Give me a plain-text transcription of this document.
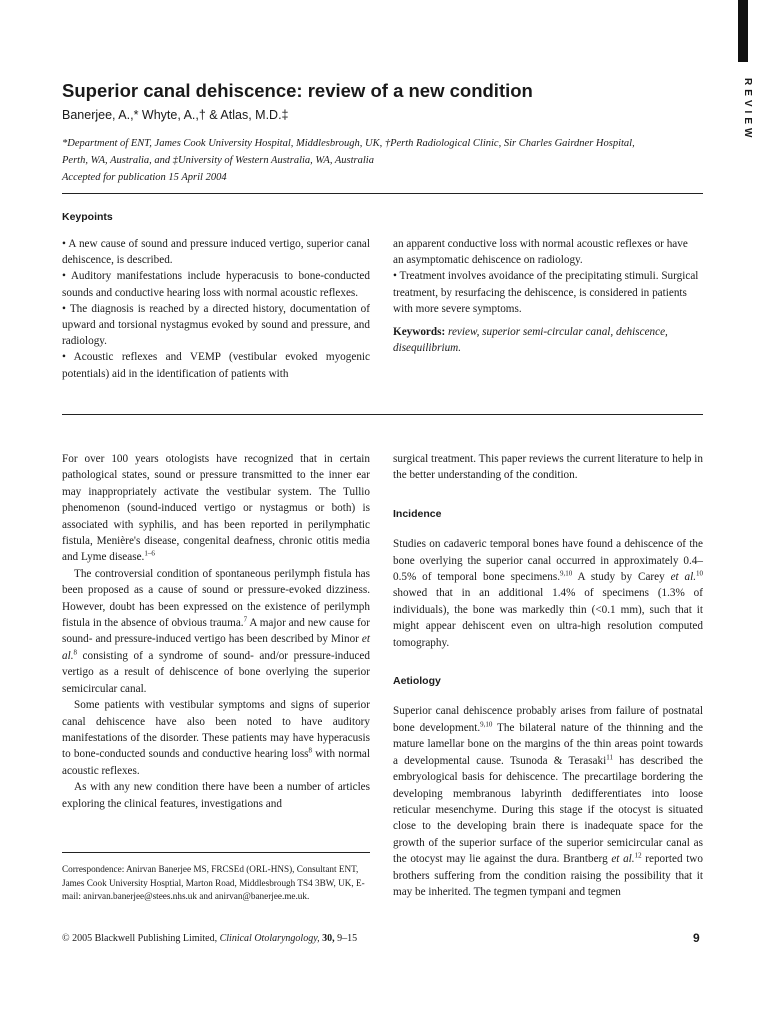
REVIEW
Superior canal dehiscence: review of a new condition
Banerjee, A.,* Whyte, A.,† & Atlas, M.D.‡
*Department of ENT, James Cook University Hospital, Middlesbrough, UK, †Perth Radiological Clinic, Sir Charles Gairdner Hospital, Perth, WA, Australia, and ‡University of Western Australia, WA, Australia
Accepted for publication 15 April 2004
Keypoints

• A new cause of sound and pressure induced vertigo, superior canal dehiscence, is described.

• Auditory manifestations include hyperacusis to bone-conducted sounds and conductive hearing loss with normal acoustic reflexes.

• The diagnosis is reached by a directed history, documentation of upward and torsional nystagmus evoked by sound and pressure, and radiology.

• Acoustic reflexes and VEMP (vestibular evoked myogenic potentials) aid in the identification of patients with

an apparent conductive loss with normal acoustic reflexes or have an asymptomatic dehiscence on radiology.

• Treatment involves avoidance of the precipitating stimuli. Surgical treatment, by resurfacing the dehiscence, is considered in patients with more severe symptoms.

Keywords: review, superior semi-circular canal, dehiscence, disequilibrium.

For over 100 years otologists have recognized that in certain pathological states, sound or pressure transmitted to the inner ear may inappropriately activate the vestibular system. The Tullio phenomenon (sound-induced vertigo or nystagmus or both) is associated with syphilis, and has been reported in perilymphatic fistula, Menière's disease, congenital deafness, chronic otitis media and Lyme disease.$^{1-6}$

The controversial condition of spontaneous perilymph fistula has been proposed as a cause of sound or pressure-evoked dizziness. However, doubt has been expressed on the existence of perilymph fistula in the absence of obvious trauma.$^7$ A major and new cause for sound- and pressure-induced vertigo has been described by Minor et al.$^8$ consisting of a syndrome of sound- and/or pressure-induced vertigo as a result of dehiscence of bone overlying the superior semicircular canal.

Some patients with vestibular symptoms and signs of superior canal dehiscence have also been noted to have auditory manifestations of the disorder. These patients may have hyperacusis to bone-conducted sounds and conductive hearing loss$^8$ with normal acoustic reflexes.

As with any new condition there have been a number of articles exploring the clinical features, investigations and

surgical treatment. This paper reviews the current literature to help in the better understanding of the condition.

Incidence

Studies on cadaveric temporal bones have found a dehiscence of the bone overlying the superior canal occurred in approximately 0.4–0.5% of temporal bone specimens.$^{9,10}$ A study by Carey et al.$^{10}$ showed that in an additional 1.4% of specimens (1.3% of individuals), the bone was markedly thin (<0.1 mm), such that it might appear dehiscent even on ultra-high resolution computed tomography.

Aetiology

Superior canal dehiscence probably arises from failure of postnatal bone development.$^{9,10}$ The bilateral nature of the thinning and the mature lamellar bone on the margins of the thin areas point towards a developmental cause. Tsunoda & Terasaki$^{11}$ has described the embryological basis for dehiscence. The precartilage bordering the developing membranous labyrinth dedifferentiates into loose reticular mesenchyme. During this stage if the otocyst is situated close to the developing brain there is inadequate space for the growth of the superior surface of the superior semicircular canal as the otocyst may lie against the dura. Brantberg et al.$^{12}$ reported two brothers suffering from the condition raising the possibility that it may be inherited. The tegmen tympani and tegmen

Correspondence: Anirvan Banerjee MS, FRCSEd (ORL-HNS), Consultant ENT, James Cook University Hosptial, Marton Road, Middlesbrough TS4 3BW, UK, E-mail: anirvan.banerjee@stees.nhs.uk and anirvan@banerjee.me.uk.
© 2005 Blackwell Publishing Limited, Clinical Otolaryngology, 30, 9–15	9
